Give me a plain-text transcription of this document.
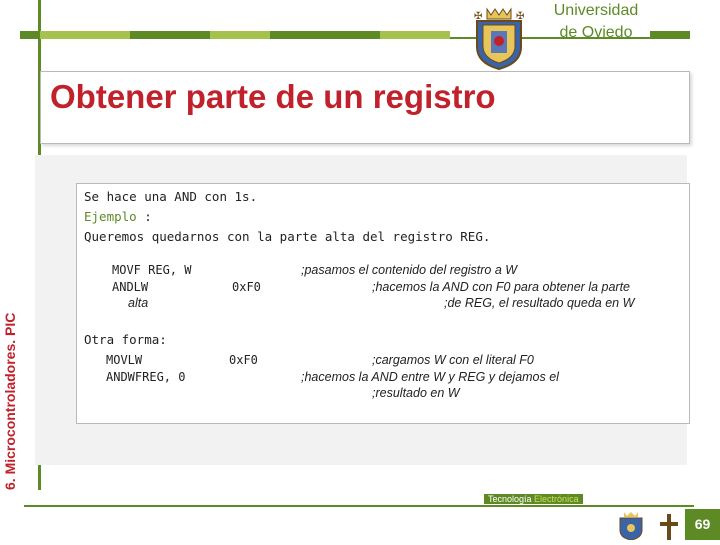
✠	✠	Universidad
de Oviedo
Obtener parte de un registro
6. Microcontroladores. PIC
Se hace una AND con 1s.
Ejemplo :
Queremos quedarnos con la parte alta del registro REG.
MOVF REG, W	;pasamos el contenido del registro a W
ANDLW	0xF0	;hacemos la AND con F0 para obtener la parte
alta	;de REG, el resultado queda en W
Otra forma:
MOVLW	0xF0	;cargamos W con el literal F0
ANDWFREG, 0	;hacemos la AND entre W y REG y dejamos el
;resultado en W
Tecnología Electrónica
69
